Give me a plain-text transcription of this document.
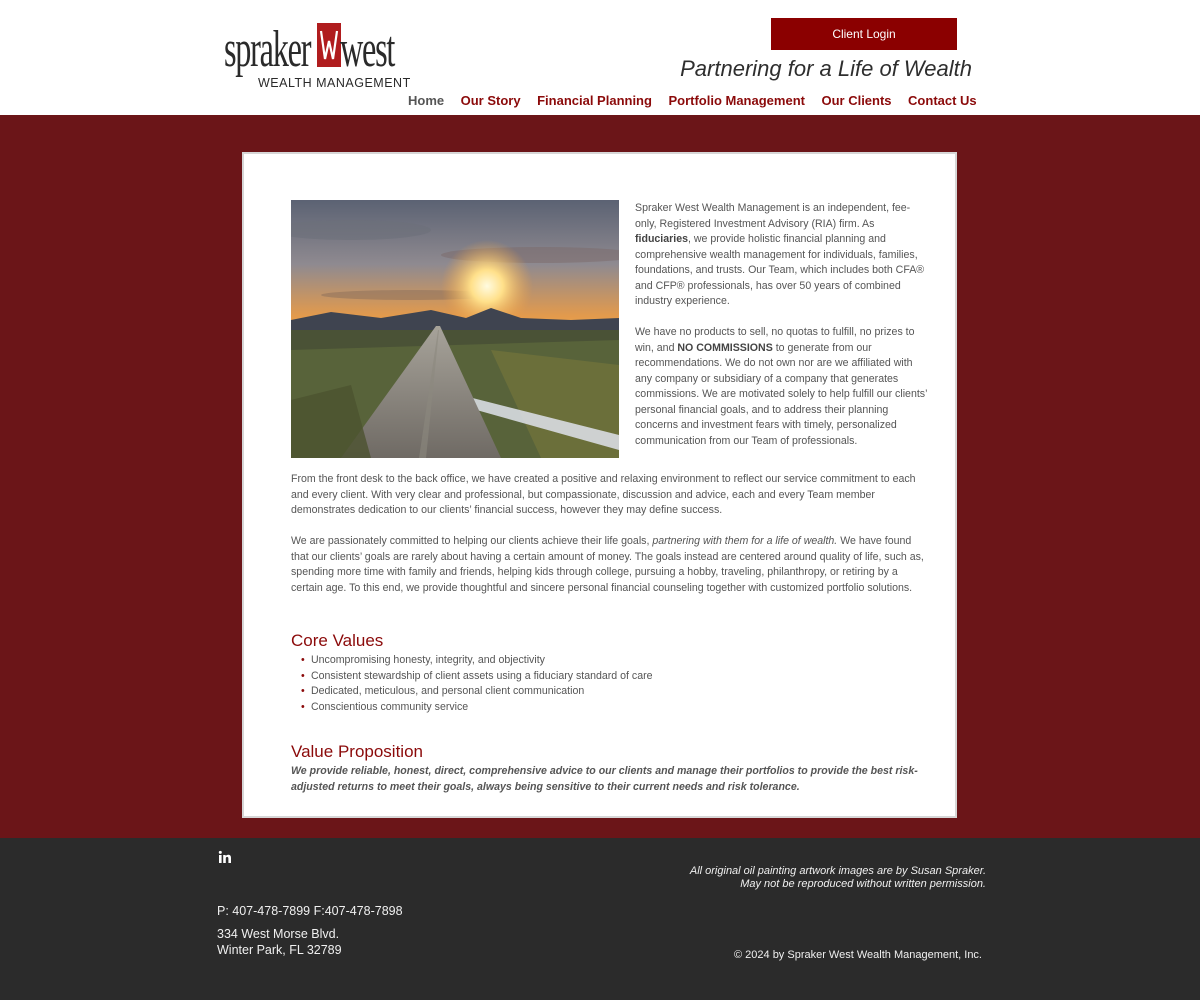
spraker west
WEALTH MANAGEMENT
Client Login
Partnering for a Life of Wealth
Home Our Story Financial Planning Portfolio Management Our Clients Contact Us

Spraker West Wealth Management is an independent, fee-only, Registered Investment Advisory (RIA) firm. As fiduciaries, we provide holistic financial planning and comprehensive wealth management for individuals, families, foundations, and trusts. Our Team, which includes both CFA® and CFP® professionals, has over 50 years of combined industry experience.

We have no products to sell, no quotas to fulfill, no prizes to win, and NO COMMISSIONS to generate from our recommendations. We do not own nor are we affiliated with any company or subsidiary of a company that generates commissions. We are motivated solely to help fulfill our clients’ personal financial goals, and to address their planning concerns and investment fears with timely, personalized communication from our Team of professionals.

From the front desk to the back office, we have created a positive and relaxing environment to reflect our service commitment to each and every client. With very clear and professional, but compassionate, discussion and advice, each and every Team member demonstrates dedication to our clients’ financial success, however they may define success.

We are passionately committed to helping our clients achieve their life goals, partnering with them for a life of wealth. We have found that our clients’ goals are rarely about having a certain amount of money. The goals instead are centered around quality of life, such as, spending more time with family and friends, helping kids through college, pursuing a hobby, traveling, philanthropy, or retiring by a certain age. To this end, we provide thoughtful and sincere personal financial counseling together with customized portfolio solutions.

Core Values
• Uncompromising honesty, integrity, and objectivity
• Consistent stewardship of client assets using a fiduciary standard of care
• Dedicated, meticulous, and personal client communication
• Conscientious community service
Value Proposition

We provide reliable, honest, direct, comprehensive advice to our clients and manage their portfolios to provide the best risk-adjusted returns to meet their goals, always being sensitive to their current needs and risk tolerance.

All original oil painting artwork images are by Susan Spraker.
May not be reproduced without written permission.
P: 407-478-7899 F:407-478-7898
334 West Morse Blvd.
Winter Park, FL 32789	© 2024 by Spraker West Wealth Management, Inc.
